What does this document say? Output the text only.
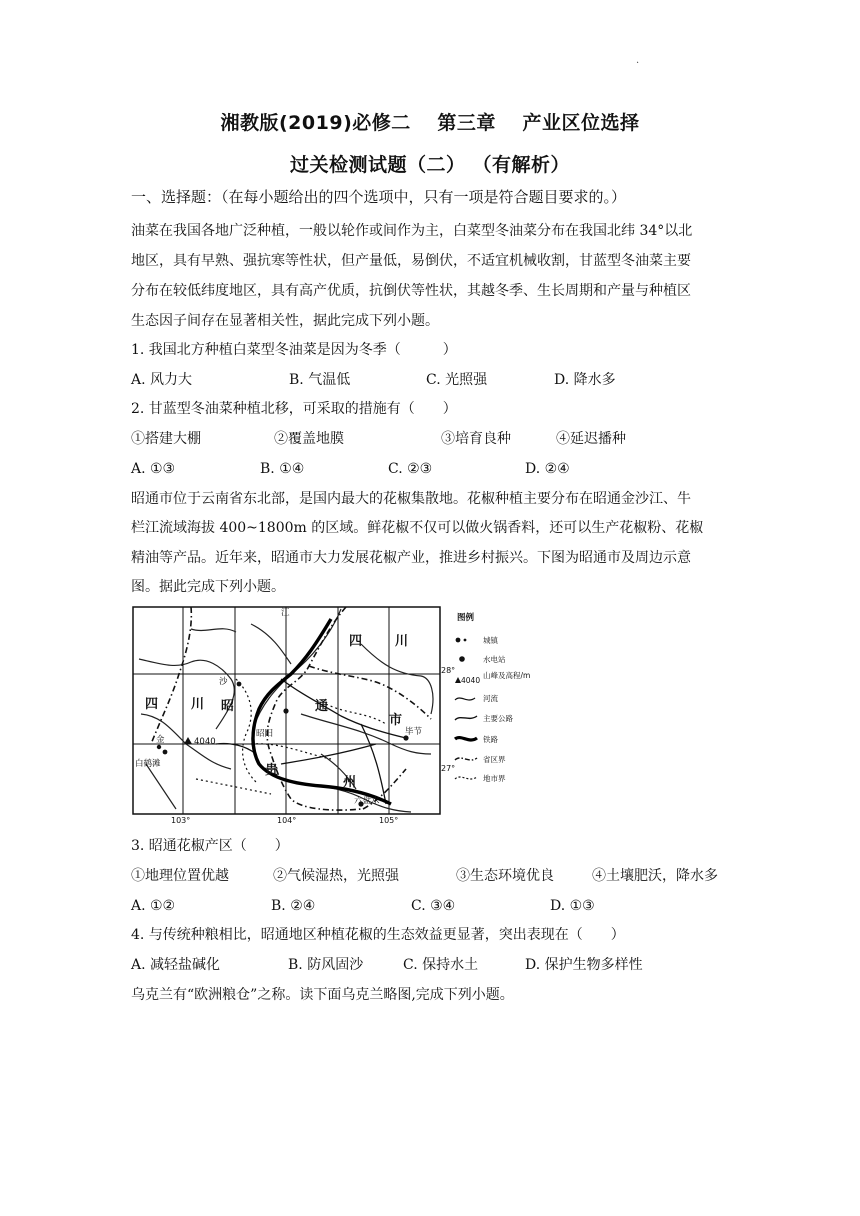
·
湘教版(2019)必修二　 第三章　 产业区位选择
过关检测试题（二） （有解析）
一、选择题：（在每小题给出的四个选项中，只有一项是符合题目要求的。）
油菜在我国各地广泛种植，一般以轮作或间作为主，白菜型冬油菜分布在我国北纬 34°以北
地区，具有早熟、强抗寒等性状，但产量低，易倒伏，不适宜机械收割，甘蓝型冬油菜主要
分布在较低纬度地区，具有高产优质，抗倒伏等性状，其越冬季、生长周期和产量与种植区
生态因子间存在显著相关性，据此完成下列小题。
1. 我国北方种植白菜型冬油菜是因为冬季（　　　）
A. 风力大	B. 气温低	C. 光照强	D. 降水多
2. 甘蓝型冬油菜种植北移，可采取的措施有（　　）
①搭建大棚	②覆盖地膜	③培育良种	④延迟播种
A. ①③	B. ①④	C. ②③	D. ②④
昭通市位于云南省东北部，是国内最大的花椒集散地。花椒种植主要分布在昭通金沙江、牛
栏江流域海拔 400~1800m 的区域。鲜花椒不仅可以做火锅香料，还可以生产花椒粉、花椒
精油等产品。近年来，昭通市大力发展花椒产业，推进乡村振兴。下图为昭通市及周边示意
图。据此完成下列小题。
四	川
四	川 昭	通
市
贵
州
江
沙
昭阳	毕节
金
白鹤滩
六盘水
4040
28°
27°
103°	104°	105°
图例
城镇
水电站
4040
山峰及高程/m
河流
主要公路
铁路
省区界
地市界
3. 昭通花椒产区（　　）
①地理位置优越	②气候湿热，光照强	③生态环境优良	④土壤肥沃，降水多
A. ①②	B. ②④	C. ③④	D. ①③
4. 与传统种粮相比，昭通地区种植花椒的生态效益更显著，突出表现在（　　）
A. 减轻盐碱化	B. 防风固沙	C. 保持水土	D. 保护生物多样性
乌克兰有“欧洲粮仓”之称。读下面乌克兰略图,完成下列小题。
